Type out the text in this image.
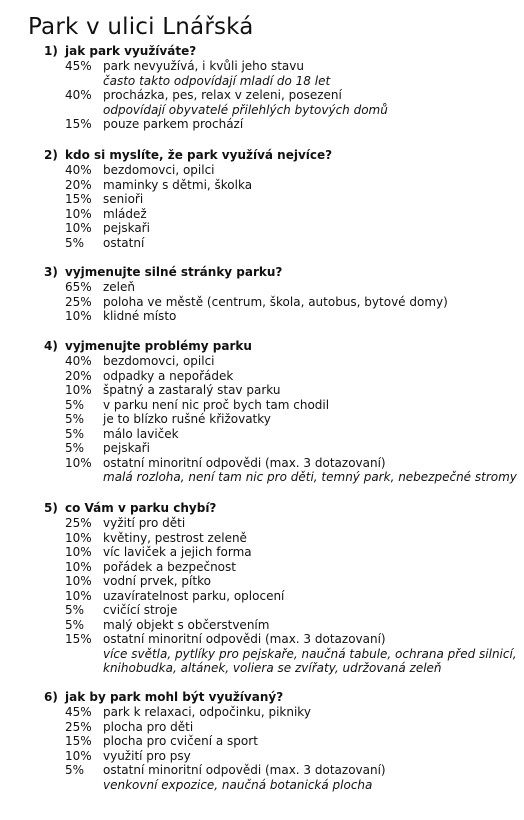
Park v ulici Lnářská
1) jak park využíváte?
45% park nevyužívá, i kvůli jeho stavu
často takto odpovídají mladí do 18 let
40% procházka, pes, relax v zeleni, posezení
odpovídají obyvatelé přilehlých bytových domů
15% pouze parkem prochází
2) kdo si myslíte, že park využívá nejvíce?
40% bezdomovci, opilci
20% maminky s dětmi, školka
15% senioři
10% mládež
10% pejskaři
5%	ostatní
3) vyjmenujte silné stránky parku?
65% zeleň
25% poloha ve městě (centrum, škola, autobus, bytové domy)
10% klidné místo
4) vyjmenujte problémy parku
40% bezdomovci, opilci
20% odpadky a nepořádek
10% špatný a zastaralý stav parku
5%	v parku není nic proč bych tam chodil
5%	je to blízko rušné křižovatky
5%	málo laviček
5%	pejskaři
10% ostatní minoritní odpovědi (max. 3 dotazovaní)
malá rozloha, není tam nic pro děti, temný park, nebezpečné stromy
5) co Vám v parku chybí?
25% vyžití pro děti
10% květiny, pestrost zeleně
10% víc laviček a jejich forma
10% pořádek a bezpečnost
10% vodní prvek, pítko
10% uzavíratelnost parku, oplocení
5%	cvičící stroje
5%	malý objekt s občerstvením
15% ostatní minoritní odpovědi (max. 3 dotazovaní)
více světla, pytlíky pro pejskaře, naučná tabule, ochrana před silnicí,
knihobudka, altánek, voliera se zvířaty, udržovaná zeleň
6) jak by park mohl být využívaný?
45% park k relaxaci, odpočinku, pikniky
25% plocha pro děti
15% plocha pro cvičení a sport
10% využití pro psy
5%	ostatní minoritní odpovědi (max. 3 dotazovaní)
venkovní expozice, naučná botanická plocha
